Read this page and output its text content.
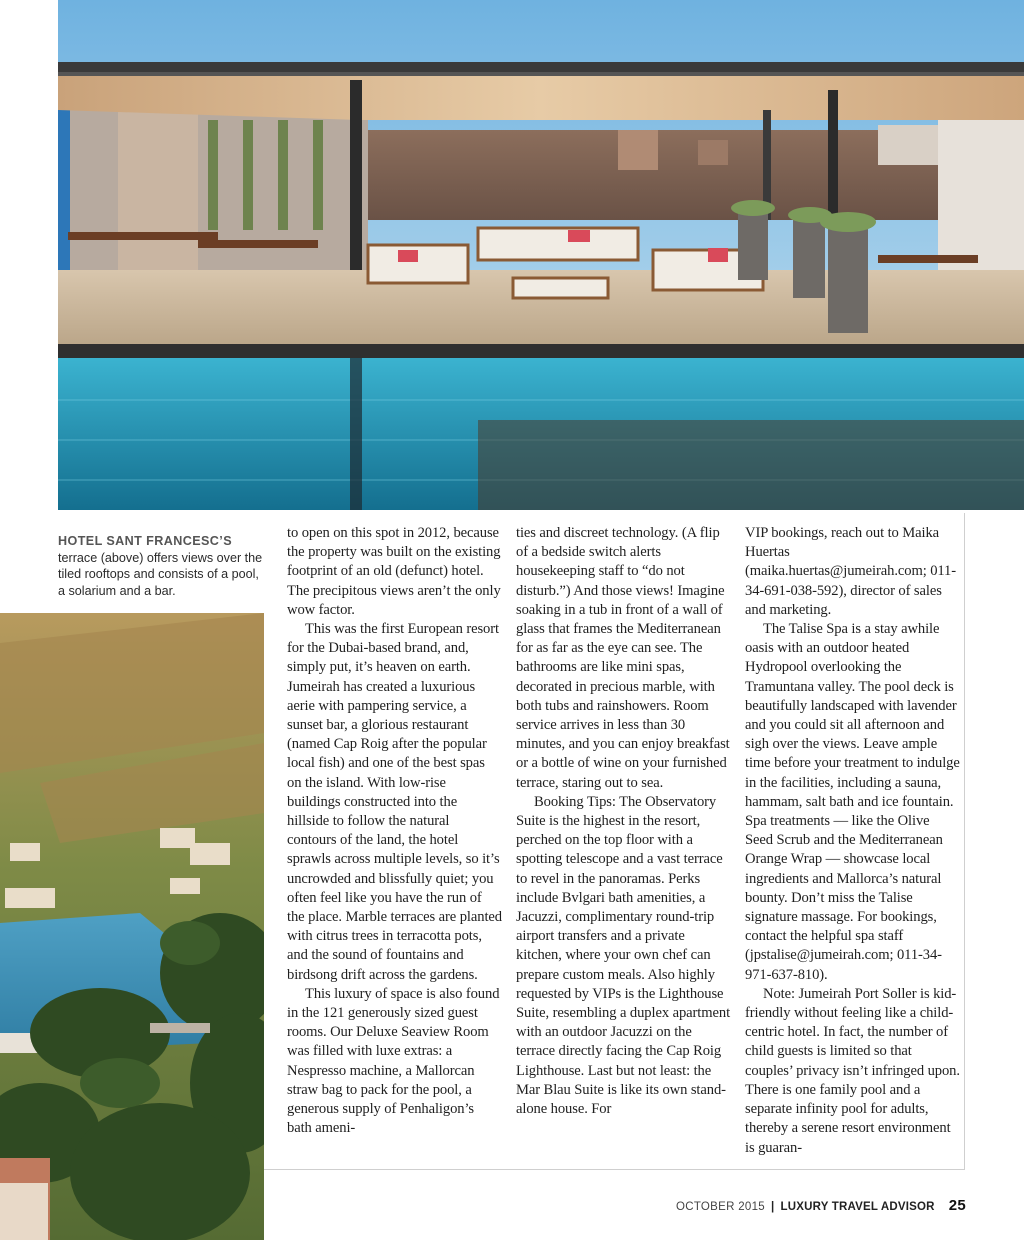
HOTEL SANT FRANCESC’S
terrace (above) offers views over the tiled rooftops and consists of a pool, a solarium and a bar.

to open on this spot in 2012, because the property was built on the existing footprint of an old (defunct) hotel. The precipitous views aren’t the only wow factor.

This was the first European resort for the Dubai-based brand, and, simply put, it’s heaven on earth. Jumeirah has created a luxurious aerie with pampering service, a sunset bar, a glorious restaurant (named Cap Roig after the popular local fish) and one of the best spas on the island. With low-rise buildings constructed into the hillside to follow the natural contours of the land, the hotel sprawls across multiple levels, so it’s uncrowded and blissfully quiet; you often feel like you have the run of the place. Marble terraces are planted with citrus trees in terracotta pots, and the sound of fountains and birdsong drift across the gardens.

This luxury of space is also found in the 121 generously sized guest rooms. Our Deluxe Seaview Room was filled with luxe extras: a Nespresso machine, a Mallorcan straw bag to pack for the pool, a generous supply of Penhaligon’s bath ameni-

ties and discreet technology. (A flip of a bedside switch alerts housekeeping staff to “do not disturb.”) And those views! Imagine soaking in a tub in front of a wall of glass that frames the Mediterranean for as far as the eye can see. The bathrooms are like mini spas, decorated in precious marble, with both tubs and rainshowers. Room service arrives in less than 30 minutes, and you can enjoy breakfast or a bottle of wine on your furnished terrace, staring out to sea.

Booking Tips: The Observatory Suite is the highest in the resort, perched on the top floor with a spotting telescope and a vast terrace to revel in the panoramas. Perks include Bvlgari bath amenities, a Jacuzzi, complimentary round-trip airport transfers and a private kitchen, where your own chef can prepare custom meals. Also highly requested by VIPs is the Lighthouse Suite, resembling a duplex apartment with an outdoor Jacuzzi on the terrace directly facing the Cap Roig Lighthouse. Last but not least: the Mar Blau Suite is like its own stand-alone house. For

VIP bookings, reach out to Maika Huertas (maika.huertas@jumeirah.com; 011-34-691-038-592), director of sales and marketing.

The Talise Spa is a stay awhile oasis with an outdoor heated Hydropool overlooking the Tramuntana valley. The pool deck is beautifully landscaped with lavender and you could sit all afternoon and sigh over the views. Leave ample time before your treatment to indulge in the facilities, including a sauna, hammam, salt bath and ice fountain. Spa treatments — like the Olive Seed Scrub and the Mediterranean Orange Wrap — showcase local ingredients and Mallorca’s natural bounty. Don’t miss the Talise signature massage. For bookings, contact the helpful spa staff (jpstalise@jumeirah.com; 011-34-971-637-810).

Note: Jumeirah Port Soller is kid-friendly without feeling like a child-centric hotel. In fact, the number of child guests is limited so that couples’ privacy isn’t infringed upon. There is one family pool and a separate infinity pool for adults, thereby a serene resort environment is guaran-

OCTOBER 2015 | LUXURY TRAVEL ADVISOR 25
